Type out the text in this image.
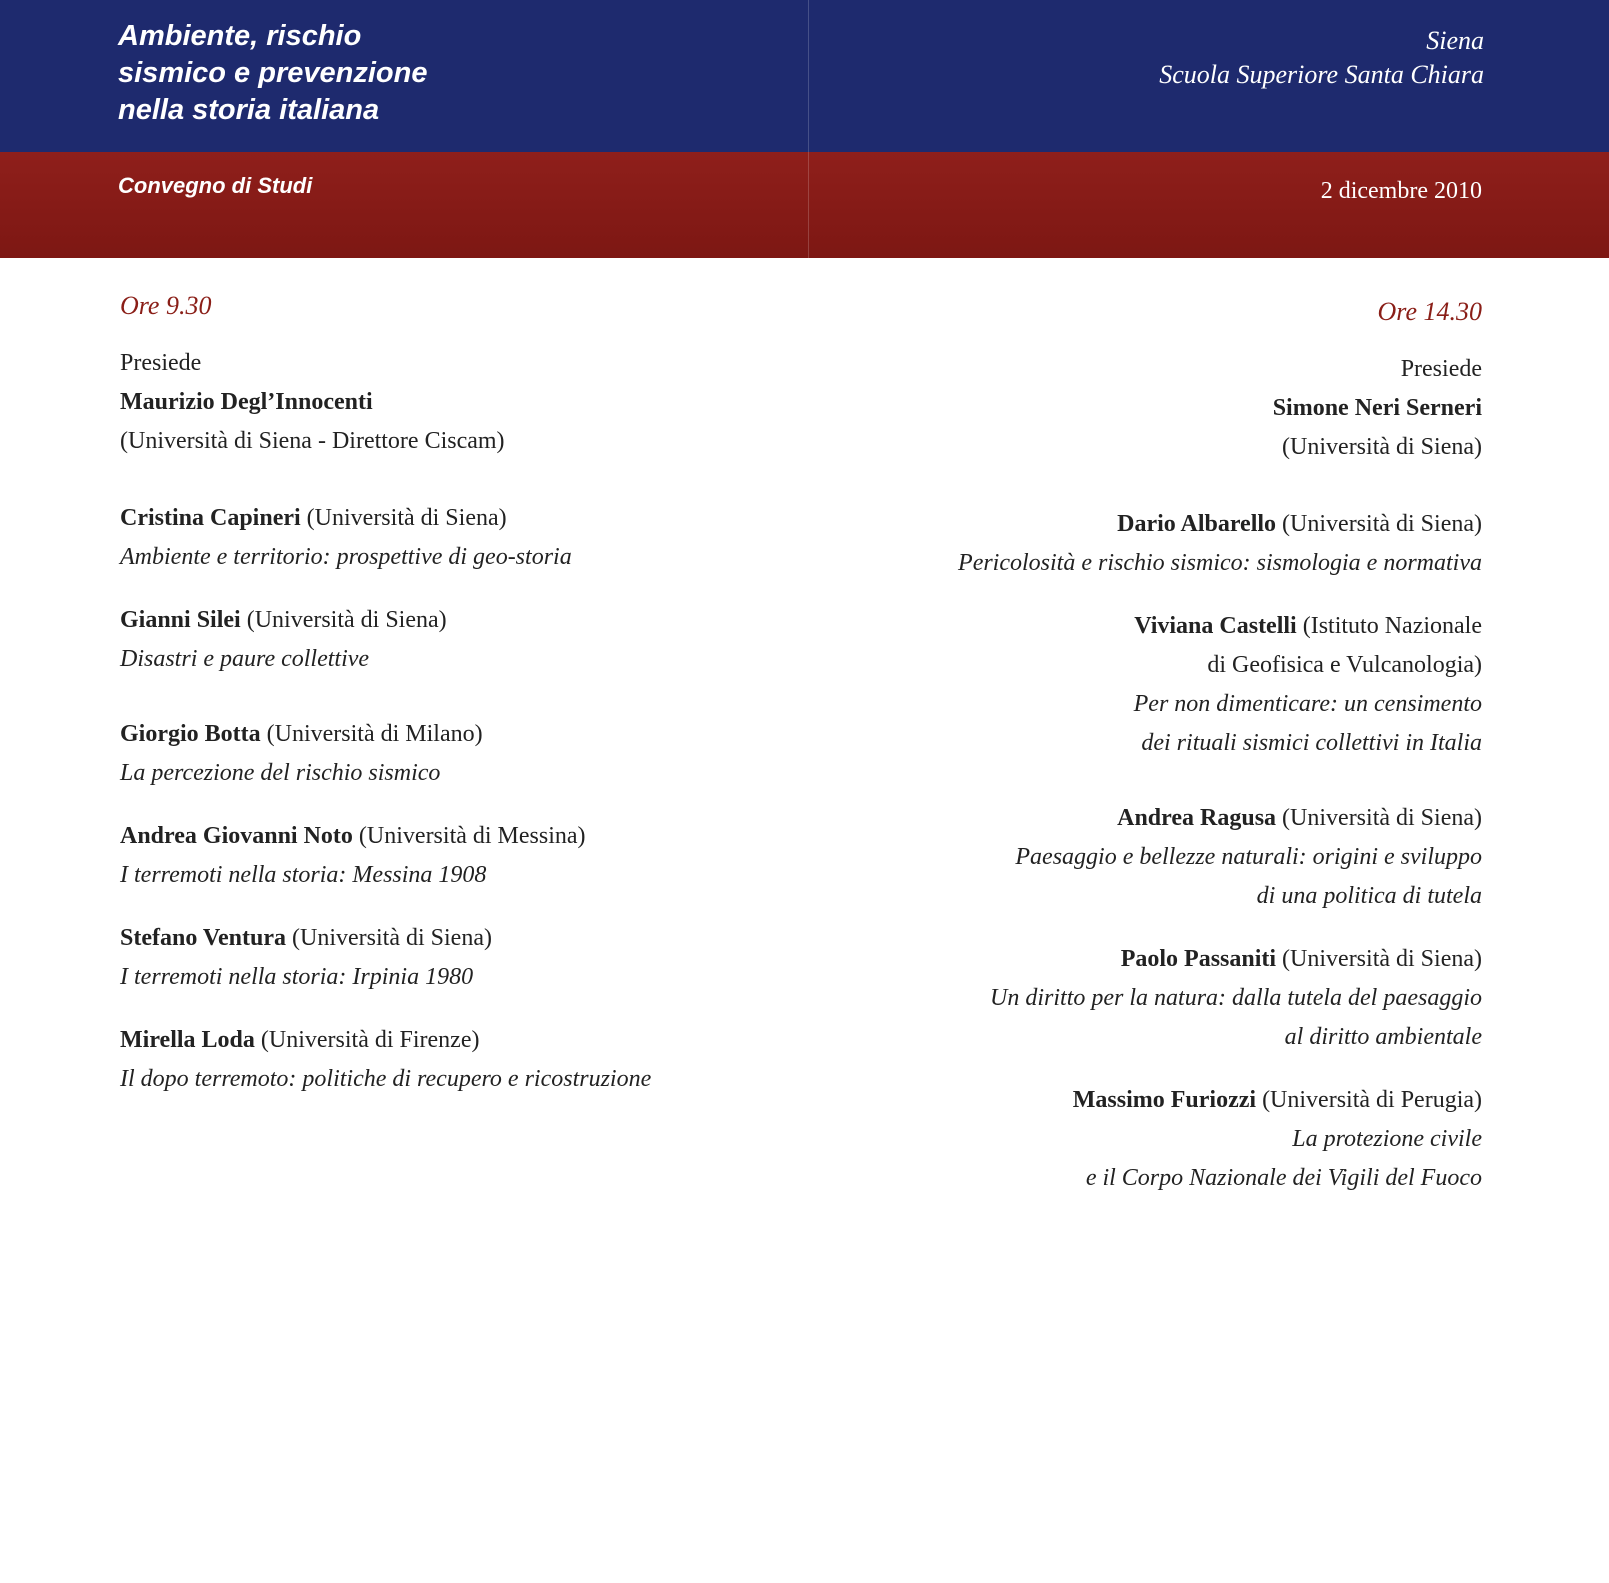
Ambiente, rischio
sismico e prevenzione
nella storia italiana
Convegno di Studi
Siena
Scuola Superiore Santa Chiara
2 dicembre 2010
Ore 9.30
Presiede
Maurizio Degl’Innocenti
(Università di Siena - Direttore Ciscam)
Cristina Capineri (Università di Siena)
Ambiente e territorio: prospettive di geo-storia
Gianni Silei (Università di Siena)
Disastri e paure collettive
Giorgio Botta (Università di Milano)
La percezione del rischio sismico
Andrea Giovanni Noto (Università di Messina)
I terremoti nella storia: Messina 1908
Stefano Ventura (Università di Siena)
I terremoti nella storia: Irpinia 1980
Mirella Loda (Università di Firenze)
Il dopo terremoto: politiche di recupero e ricostruzione
Ore 14.30
Presiede
Simone Neri Serneri
(Università di Siena)
Dario Albarello (Università di Siena)
Pericolosità e rischio sismico: sismologia e normativa
Viviana Castelli (Istituto Nazionale
di Geofisica e Vulcanologia)
Per non dimenticare: un censimento
dei rituali sismici collettivi in Italia
Andrea Ragusa (Università di Siena)
Paesaggio e bellezze naturali: origini e sviluppo
di una politica di tutela
Paolo Passaniti (Università di Siena)
Un diritto per la natura: dalla tutela del paesaggio
al diritto ambientale
Massimo Furiozzi (Università di Perugia)
La protezione civile
e il Corpo Nazionale dei Vigili del Fuoco
